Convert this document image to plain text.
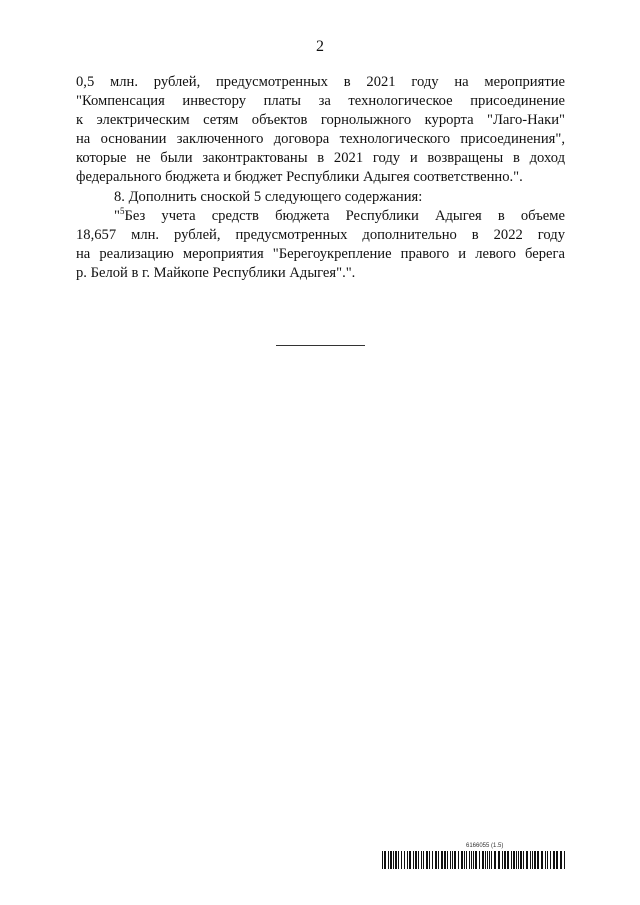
2

0,5 млн. рублей, предусмотренных в 2021 году на мероприятие
"Компенсация инвестору платы за технологическое присоединение
к электрическим сетям объектов горнолыжного курорта "Лаго-Наки"
на основании заключенного договора технологического присоединения",
которые не были законтрактованы в 2021 году и возвращены в доход
федерального бюджета и бюджет Республики Адыгея соответственно.".

8. Дополнить сноской 5 следующего содержания:

"$^5$Без учета средств бюджета Республики Адыгея в объеме
18,657 млн. рублей, предусмотренных дополнительно в 2022 году
на реализацию мероприятия "Берегоукрепление правого и левого берега
р. Белой в г. Майкопе Республики Адыгея".".

6166055 (1.5)
